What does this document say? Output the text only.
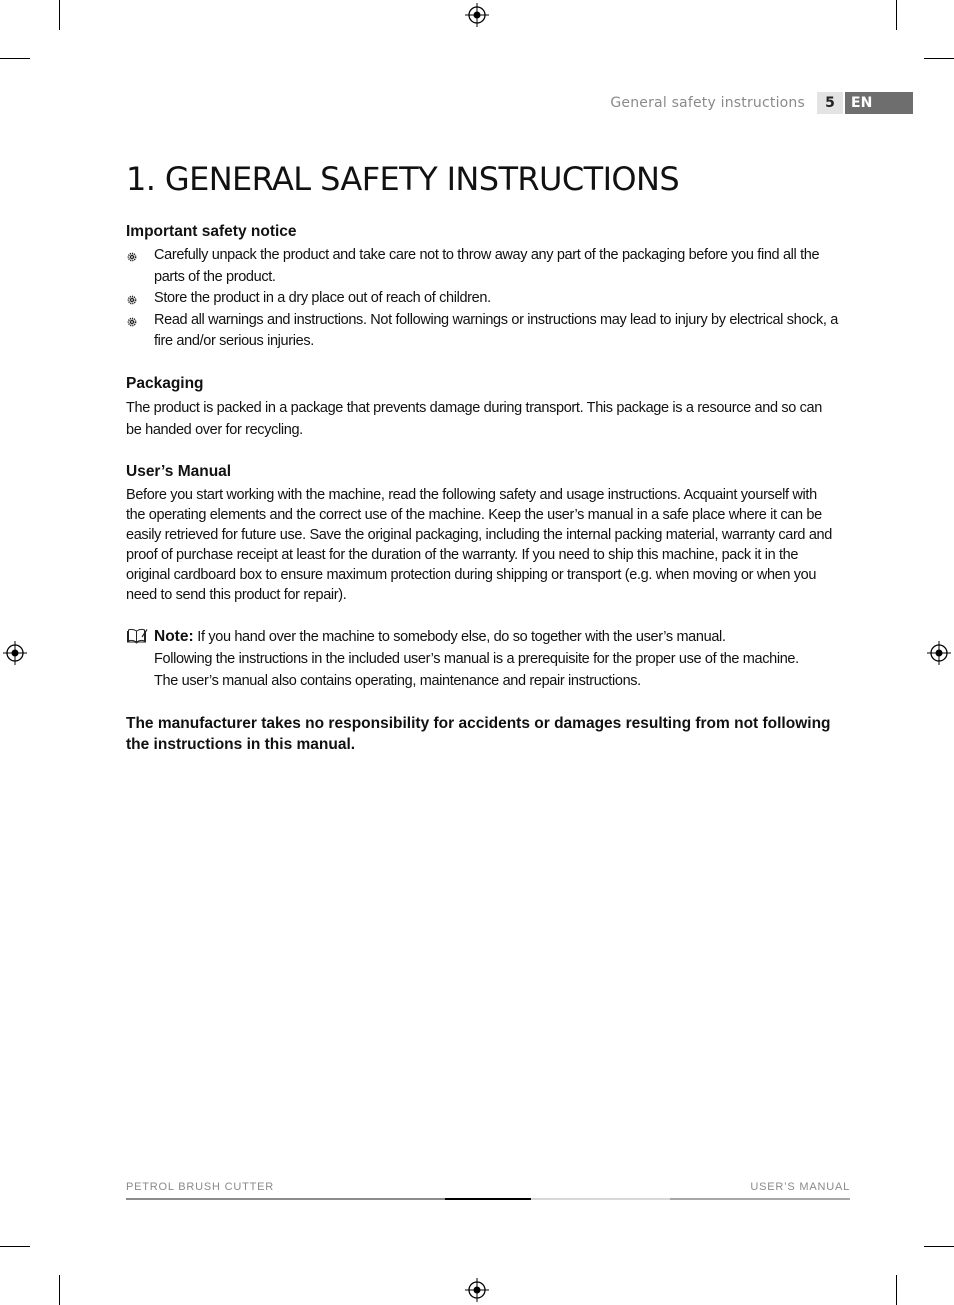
General safety instructions	5	EN
1. GENERAL SAFETY INSTRUCTIONS
Important safety notice
Carefully unpack the product and take care not to throw away any part of the packaging before you find all the parts of the product.
Store the product in a dry place out of reach of children.
Read all warnings and instructions. Not following warnings or instructions may lead to injury by electrical shock, a fire and/or serious injuries.
Packaging

The product is packed in a package that prevents damage during transport. This package is a resource and so can be handed over for recycling.

User’s Manual

Before you start working with the machine, read the following safety and usage instructions. Acquaint yourself with the operating elements and the correct use of the machine. Keep the user’s manual in a safe place where it can be easily retrieved for future use. Save the original packaging, including the internal packing material, warranty card and proof of purchase receipt at least for the duration of the warranty. If you need to ship this machine, pack it in the original cardboard box to ensure maximum protection during shipping or transport (e.g. when moving or when you need to send this product for repair).

Note: If you hand over the machine to somebody else, do so together with the user’s manual.
Following the instructions in the included user’s manual is a prerequisite for the proper use of the machine.
The user’s manual also contains operating, maintenance and repair instructions.
The manufacturer takes no responsibility for accidents or damages resulting from not following the instructions in this manual.
PETROL BRUSH CUTTER	USER’S MANUAL
